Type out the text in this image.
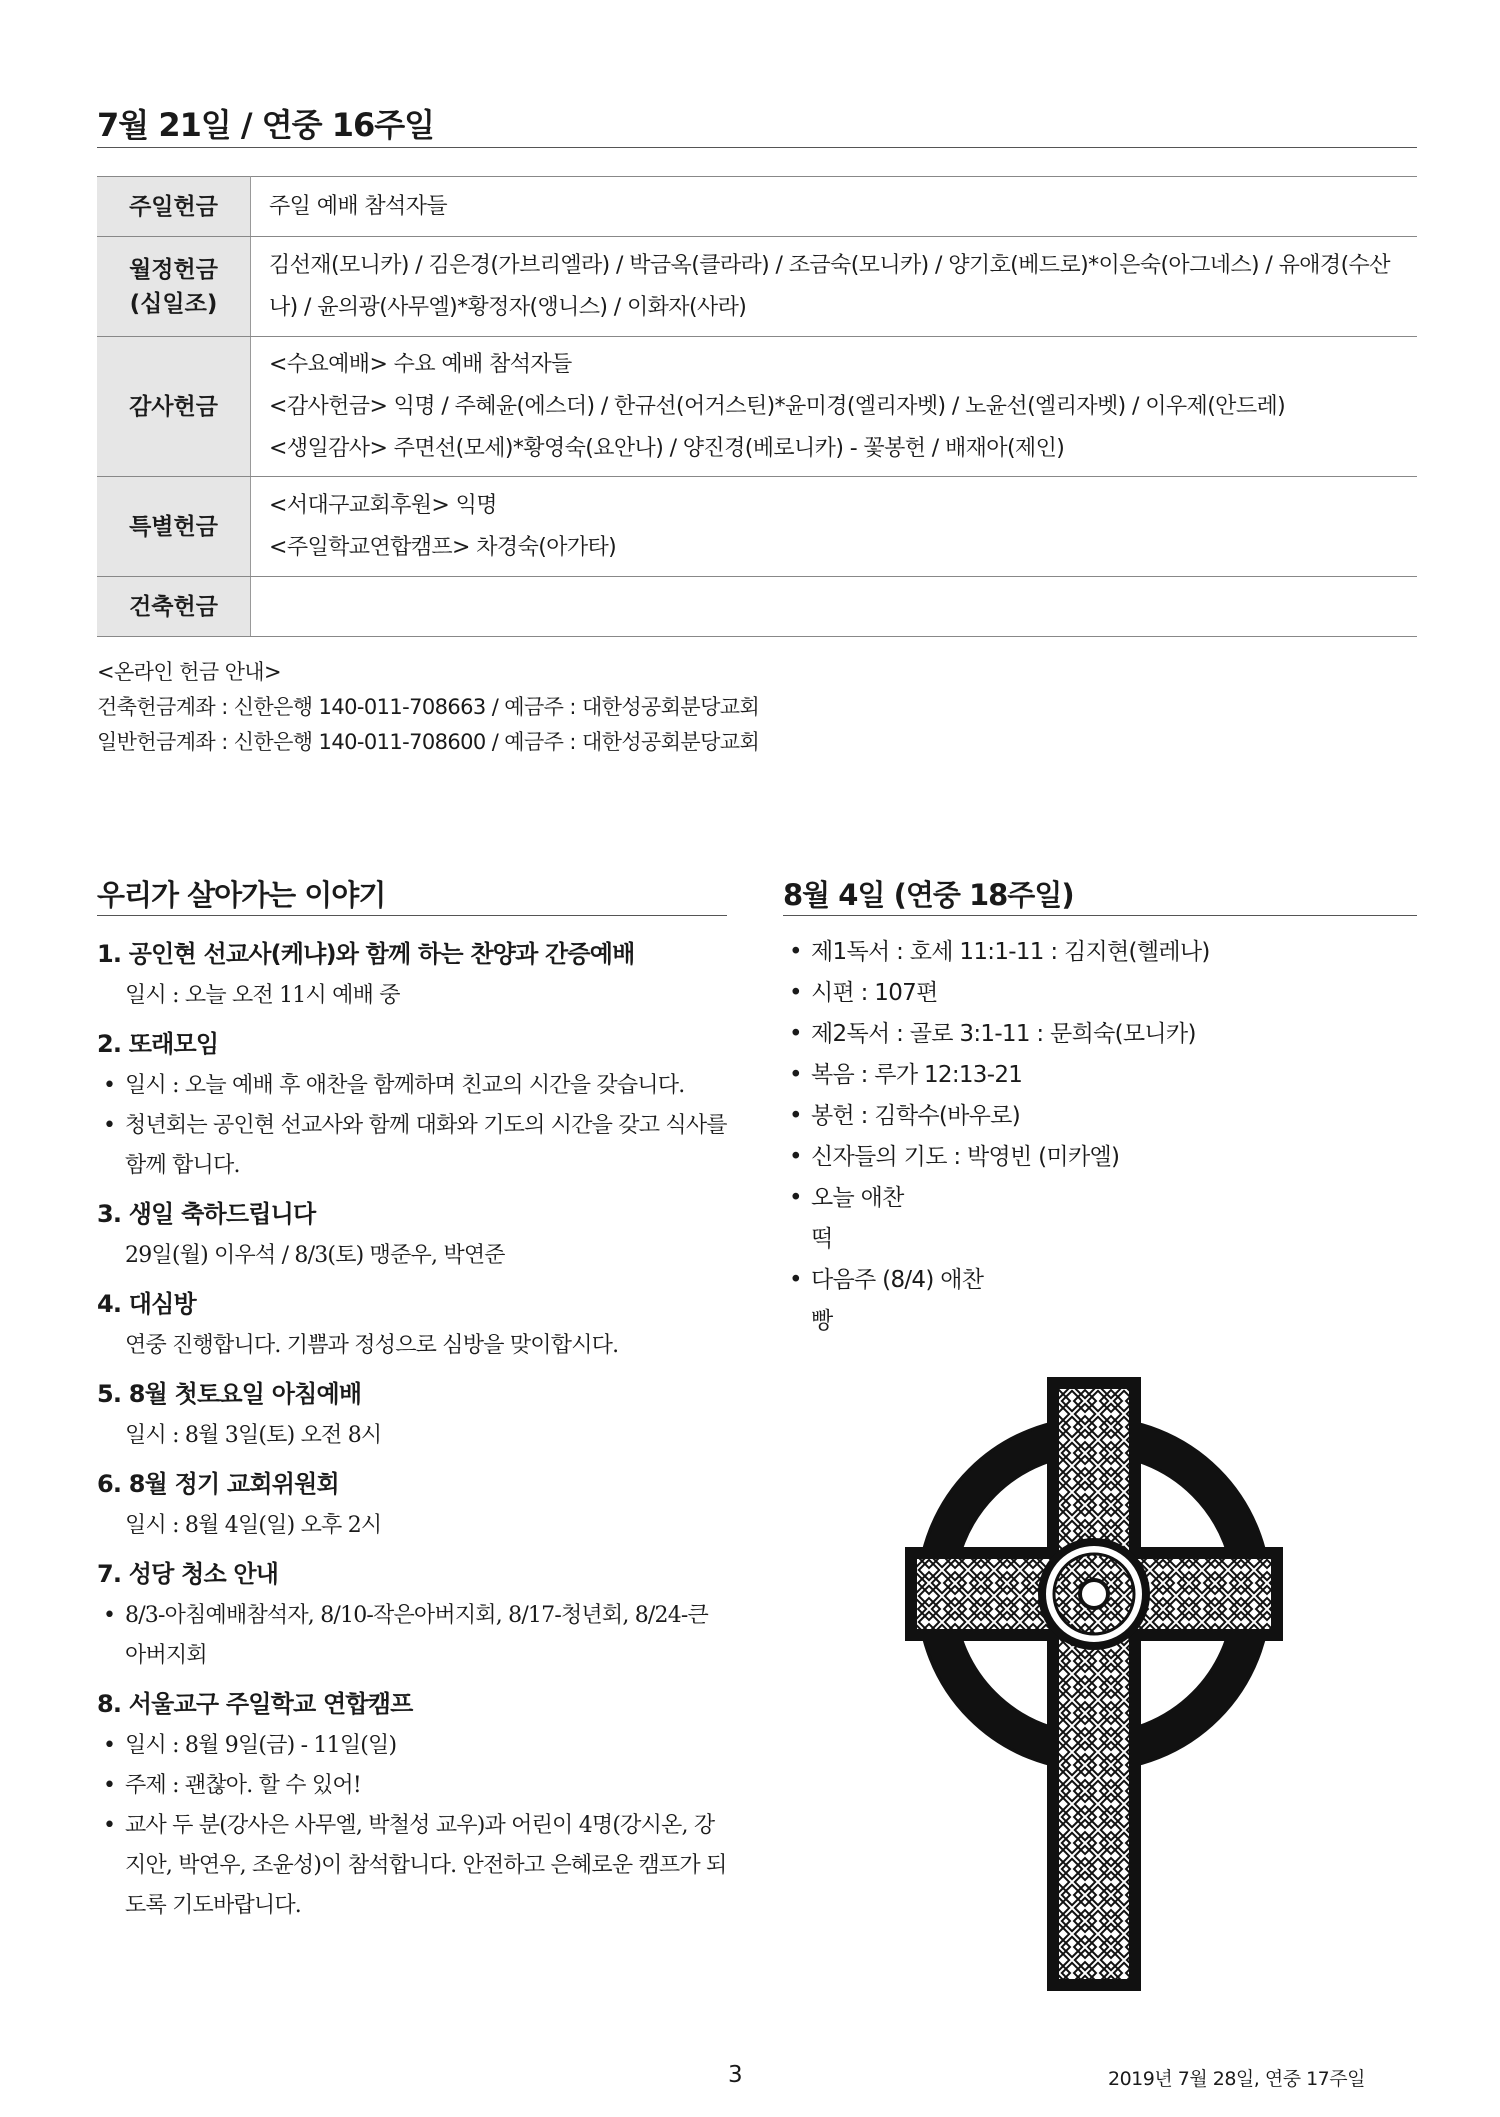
7월 21일 / 연중 16주일
주일헌금	주일 예배 참석자들

월정헌금
(십일조)	김선재(모니카) / 김은경(가브리엘라) / 박금옥(클라라) / 조금숙(모니카) / 양기호(베드로)*이은숙(아그네스) / 유애경(수산나) / 윤의광(사무엘)*황정자(앵니스) / 이화자(사라)

감사헌금	<수요예배> 수요 예배 참석자들
<감사헌금> 익명 / 주혜윤(에스더) / 한규선(어거스틴)*윤미경(엘리자벳) / 노윤선(엘리자벳) / 이우제(안드레)
<생일감사> 주면선(모세)*황영숙(요안나) / 양진경(베로니카) - 꽃봉헌 / 배재아(제인)

특별헌금	<서대구교회후원> 익명
<주일학교연합캠프> 차경숙(아가타)

건축헌금	
<온라인 헌금 안내>
건축헌금계좌 : 신한은행 140-011-708663 / 예금주 : 대한성공회분당교회
일반헌금계좌 : 신한은행 140-011-708600 / 예금주 : 대한성공회분당교회
우리가 살아가는 이야기
1. 공인현 선교사(케냐)와 함께 하는 찬양과 간증예배
일시 : 오늘 오전 11시 예배 중
2. 또래모임
• 일시 : 오늘 예배 후 애찬을 함께하며 친교의 시간을 갖습니다.
• 청년회는 공인현 선교사와 함께 대화와 기도의 시간을 갖고 식사를 함께 합니다.
3. 생일 축하드립니다
29일(월) 이우석 / 8/3(토) 맹준우, 박연준
4. 대심방
연중 진행합니다. 기쁨과 정성으로 심방을 맞이합시다.
5. 8월 첫토요일 아침예배
일시 : 8월 3일(토) 오전 8시
6. 8월 정기 교회위원회
일시 : 8월 4일(일) 오후 2시
7. 성당 청소 안내
• 8/3-아침예배참석자, 8/10-작은아버지회, 8/17-청년회, 8/24-큰아버지회
8. 서울교구 주일학교 연합캠프
• 일시 : 8월 9일(금) - 11일(일)
• 주제 : 괜찮아. 할 수 있어!
• 교사 두 분(강사은 사무엘, 박철성 교우)과 어린이 4명(강시온, 강지안, 박연우, 조윤성)이 참석합니다. 안전하고 은혜로운 캠프가 되도록 기도바랍니다.
8월 4일 (연중 18주일)
• 제1독서 : 호세 11:1-11 : 김지현(헬레나)
• 시편 : 107편
• 제2독서 : 골로 3:1-11 : 문희숙(모니카)
• 복음 : 루가 12:13-21
• 봉헌 : 김학수(바우로)
• 신자들의 기도 : 박영빈 (미카엘)
• 오늘 애찬
떡
• 다음주 (8/4) 애찬
빵
3	2019년 7월 28일, 연중 17주일
